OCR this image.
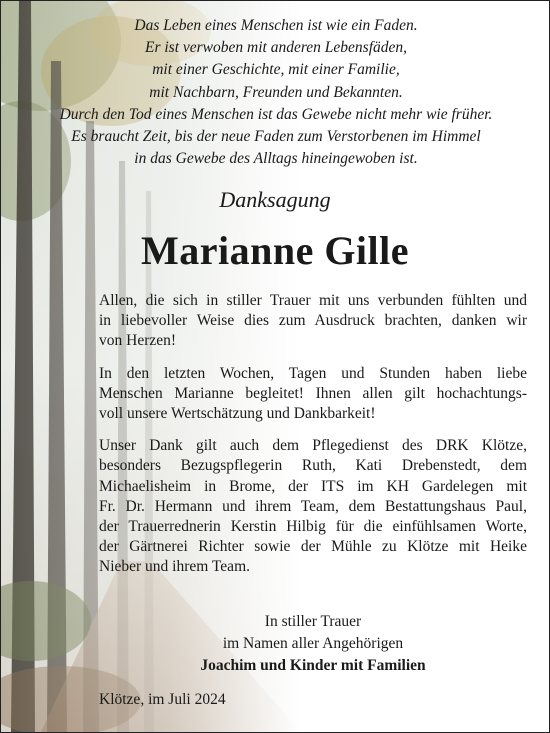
Das Leben eines Menschen ist wie ein Faden.
Er ist verwoben mit anderen Lebensfäden,
mit einer Geschichte, mit einer Familie,
mit Nachbarn, Freunden und Bekannten.
Durch den Tod eines Menschen ist das Gewebe nicht mehr wie früher.
Es braucht Zeit, bis der neue Faden zum Verstorbenen im Himmel
in das Gewebe des Alltags hineingewoben ist.
Danksagung
Marianne Gille
Allen, die sich in stiller Trauer mit uns verbunden fühlten und
in liebevoller Weise dies zum Ausdruck brachten, danken wir
von Herzen!
In den letzten Wochen, Tagen und Stunden haben liebe
Menschen Marianne begleitet! Ihnen allen gilt hochachtungs-
voll unsere Wertschätzung und Dankbarkeit!
Unser Dank gilt auch dem Pflegedienst des DRK Klötze,
besonders Bezugspflegerin Ruth, Kati Drebenstedt, dem
Michaelisheim in Brome, der ITS im KH Gardelegen mit
Fr. Dr. Hermann und ihrem Team, dem Bestattungshaus Paul,
der Trauerrednerin Kerstin Hilbig für die einfühlsamen Worte,
der Gärtnerei Richter sowie der Mühle zu Klötze mit Heike
Nieber und ihrem Team.
In stiller Trauer
im Namen aller Angehörigen
Joachim und Kinder mit Familien
Klötze, im Juli 2024
